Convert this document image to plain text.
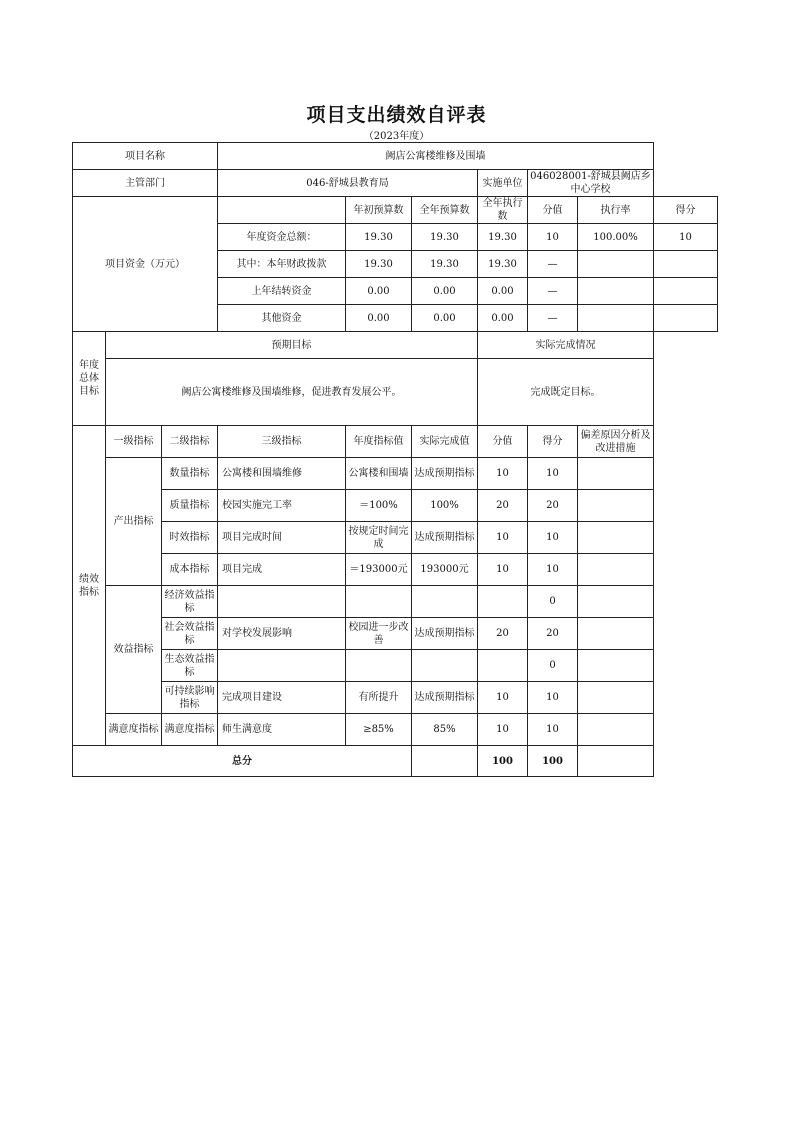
项目支出绩效自评表
（2023年度）
项目名称			阙店公寓楼维修及围墙						
主管部门			046-舒城县教育局			实施单位	046028001-舒城县阙店乡中心学校		
项目资金（万元）				年初预算数	全年预算数	全年执行数	分值	执行率	得分
			年度资金总额：	19.30	19.30	19.30	10	100.00%	10
			其中：本年财政拨款	19.30	19.30	19.30	—		
			上年结转资金	0.00	0.00	0.00	—		
			其他资金	0.00	0.00	0.00	—		
年度总体目标	预期目标					实际完成情况			
	阙店公寓楼维修及围墙维修，促进教育发展公平。					完成既定目标。			
绩效指标	一级指标	二级指标	三级指标	年度指标值	实际完成值	分值	得分	偏差原因分析及改进措施	
	产出指标	数量指标	公寓楼和围墙维修	公寓楼和围墙	达成预期指标	10	10		
		质量指标	校园实施完工率	＝100%	100%	20	20		
		时效指标	项目完成时间	按规定时间完成	达成预期指标	10	10		
		成本指标	项目完成	＝193000元	193000元	10	10		
	效益指标	经济效益指标					0		
		社会效益指标	对学校发展影响	校园进一步改善	达成预期指标	20	20		
		生态效益指标					0		
		可持续影响指标	完成项目建设	有所提升	达成预期指标	10	10		
	满意度指标	满意度指标	师生满意度	≥85%	85%	10	10		
总分						100	100		
